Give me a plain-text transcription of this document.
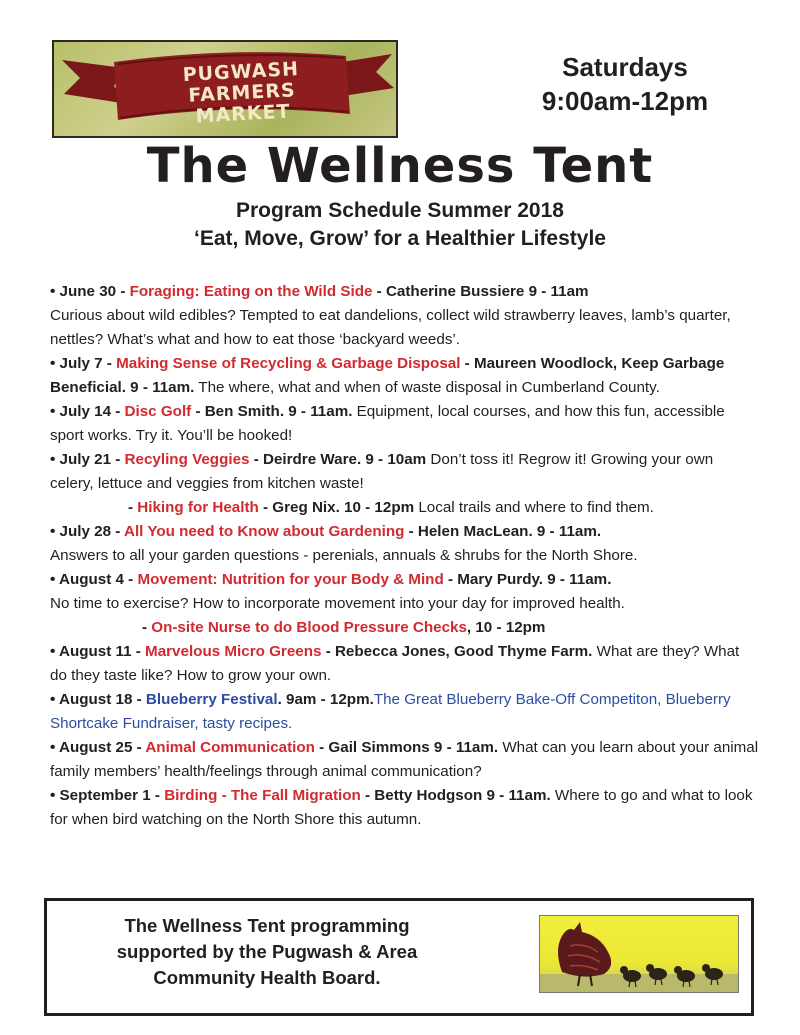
PUGWASH
FARMERS MARKET
Saturdays
9:00am-12pm
The Wellness Tent
Program Schedule Summer 2018
‘Eat, Move, Grow’ for a Healthier Lifestyle

• June 30 - Foraging: Eating on the Wild Side - Catherine Bussiere 9 - 11am
Curious about wild edibles? Tempted to eat dandelions, collect wild strawberry leaves, lamb’s quarter, nettles? What’s what and how to eat those ‘backyard weeds’.

• July 7 - Making Sense of Recycling & Garbage Disposal - Maureen Woodlock, Keep Garbage Beneficial. 9 - 11am. The where, what and when of waste disposal in Cumberland County.

• July 14 - Disc Golf - Ben Smith. 9 - 11am. Equipment, local courses, and how this fun, accessible sport works. Try it. You’ll be hooked!

• July 21 - Recyling Veggies - Deirdre Ware. 9 - 10am Don’t toss it! Regrow it! Growing your own celery, lettuce and veggies from kitchen waste!

- Hiking for Health - Greg Nix. 10 - 12pm Local trails and where to find them.

• July 28 - All You need to Know about Gardening - Helen MacLean. 9 - 11am.
Answers to all your garden questions - perenials, annuals & shrubs for the North Shore.

• August 4 - Movement: Nutrition for your Body & Mind - Mary Purdy. 9 - 11am.
No time to exercise? How to incorporate movement into your day for improved health.

- On-site Nurse to do Blood Pressure Checks, 10 - 12pm

• August 11 - Marvelous Micro Greens - Rebecca Jones, Good Thyme Farm. What are they? What do they taste like? How to grow your own.

• August 18 - Blueberry Festival. 9am - 12pm.The Great Blueberry Bake-Off Competiton, Blueberry Shortcake Fundraiser, tasty recipes.

• August 25 - Animal Communication - Gail Simmons 9 - 11am. What can you learn about your animal family members’ health/feelings through animal communication?

• September 1 - Birding - The Fall Migration - Betty Hodgson 9 - 11am. Where to go and what to look for when bird watching on the North Shore this autumn.

The Wellness Tent programming
supported by the Pugwash & Area
Community Health Board.
